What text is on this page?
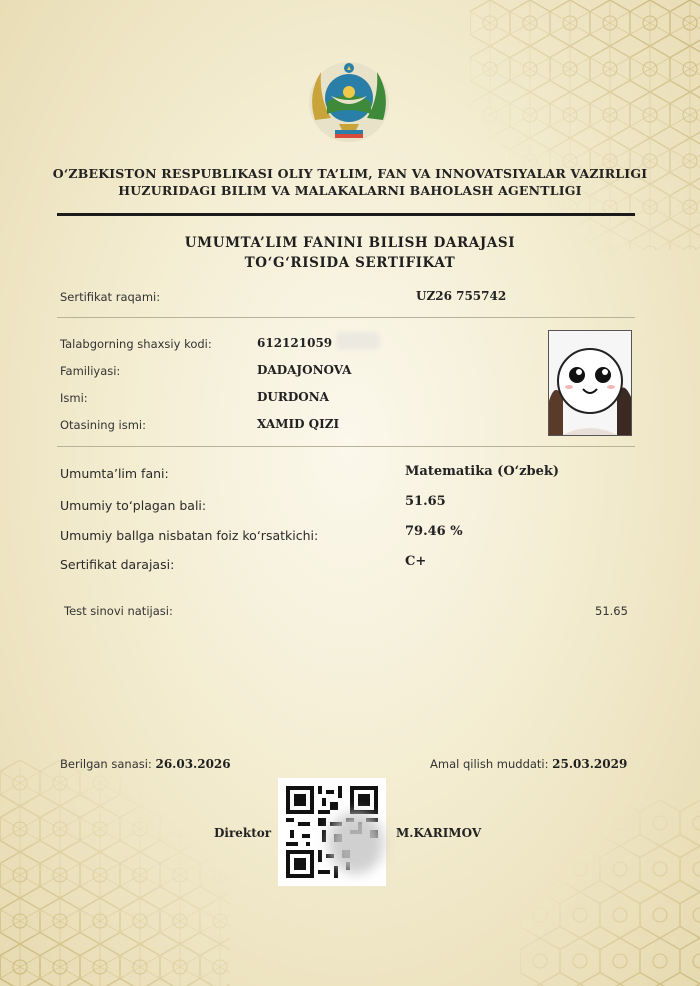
O‘ZBEKISTON RESPUBLIKASI OLIY TA’LIM, FAN VA INNOVATSIYALAR VAZIRLIGI
HUZURIDAGI BILIM VA MALAKALARNI BAHOLASH AGENTLIGI
UMUMTA’LIM FANINI BILISH DARAJASI
TO‘G‘RISIDA SERTIFIKAT
Sertifikat raqami:	UZ26 755742
Talabgorning shaxsiy kodi:	612121059
Familiyasi:	DADAJONOVA
Ismi:	DURDONA
Otasining ismi:	XAMID QIZI
Umumta’lim fani:	Matematika (O‘zbek)
Umumiy to‘plagan bali:	51.65
Umumiy ballga nisbatan foiz ko‘rsatkichi:	79.46 %
Sertifikat darajasi:	C+
Test sinovi natijasi:	51.65
Berilgan sanasi: 26.03.2026	Amal qilish muddati: 25.03.2029
Direktor	M.KARIMOV
